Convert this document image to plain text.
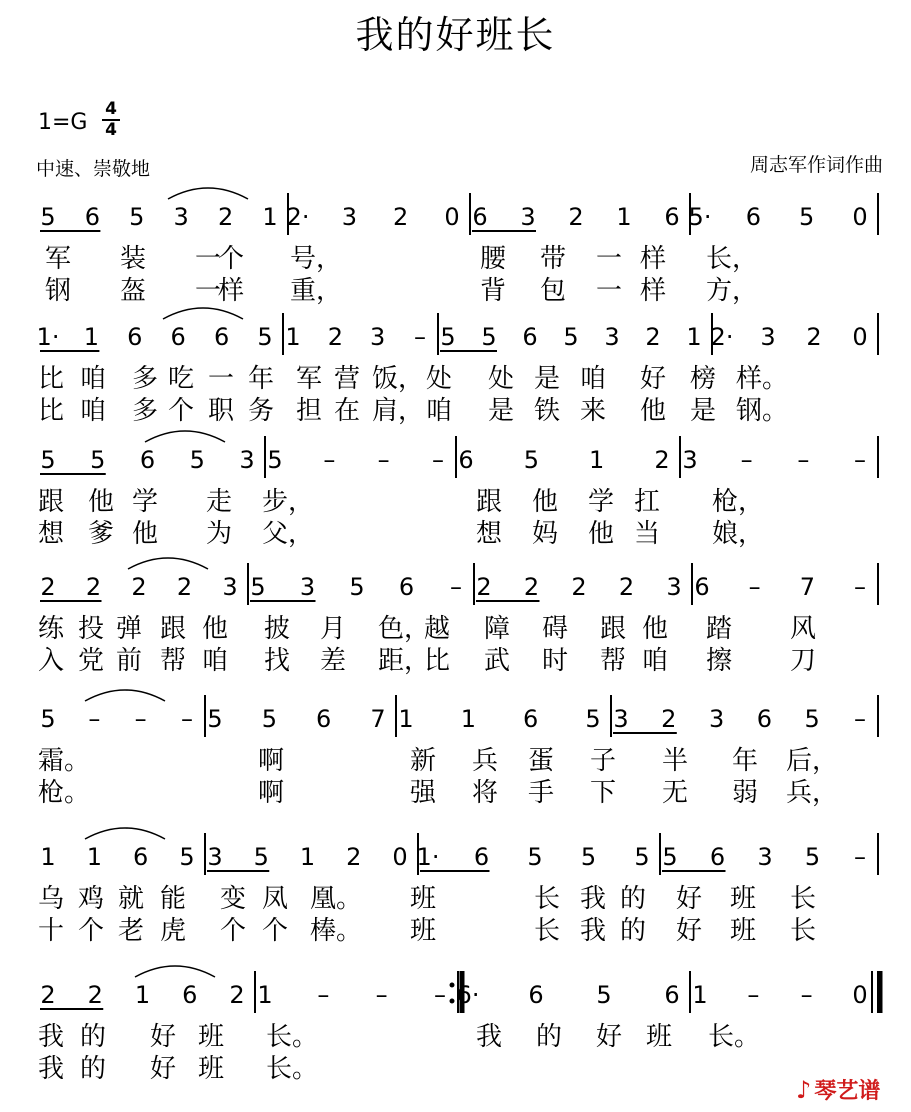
我的好班长
1=G
4
4
中速、崇敬地	周志军作词作曲
5 6 5 3 2 1 2· 3 2 0 6 3 2 1 6 5· 6 5 0
军 装 一
个 号，	腰 带 一 样 长，
钢 盔 一
样 重，	背 包 一 样 方，
1· 1 6 6 6 5 1 2 3 – 5 5 6 5 3 2 1 2· 3 2 0
比 咱 多 吃 一 年 军 营 饭， 处 处 是 咱 好 榜 样。
比 咱 多 个 职 务 担 在 肩， 咱 是 铁 来 他 是 钢。
5 5 6 5 3 5 – – – 6 5 1 2 3 – – –
跟 他 学 走 步，	跟 他 学 扛 枪，
想 爹 他 为 父，	想 妈 他 当 娘，
2 2 2 2 3 5 3 5 6 – 2 2 2 2 3 6 – 7 –
练 投 弹 跟 他 披 月 色，
越 障 碍 跟 他 踏 风
入 党 前 帮 咱 找 差 距，
比 武 时 帮 咱 擦 刀
5 – – – 5 5 6 7 1 1 6 5 3 2 3 6 5 –
霜。	啊	新 兵 蛋 子 半 年 后，
枪。	啊	强 将 手 下 无 弱 兵，
1 1 6 5 3 5 1 2 0 1· 6 5 5 5 5 6 3 5 –
乌 鸡 就 能 变 凤 凰。 班	长 我 的 好 班 长
十 个 老 虎 个 个 棒。 班	长 我 的 好 班 长
2 2 1 6 2 1 – – – 6· 6 5 6 1 – – 0
我 的 好 班 长。	我 的 好 班 长。
我 的 好 班 长。
♪ 琴艺谱
